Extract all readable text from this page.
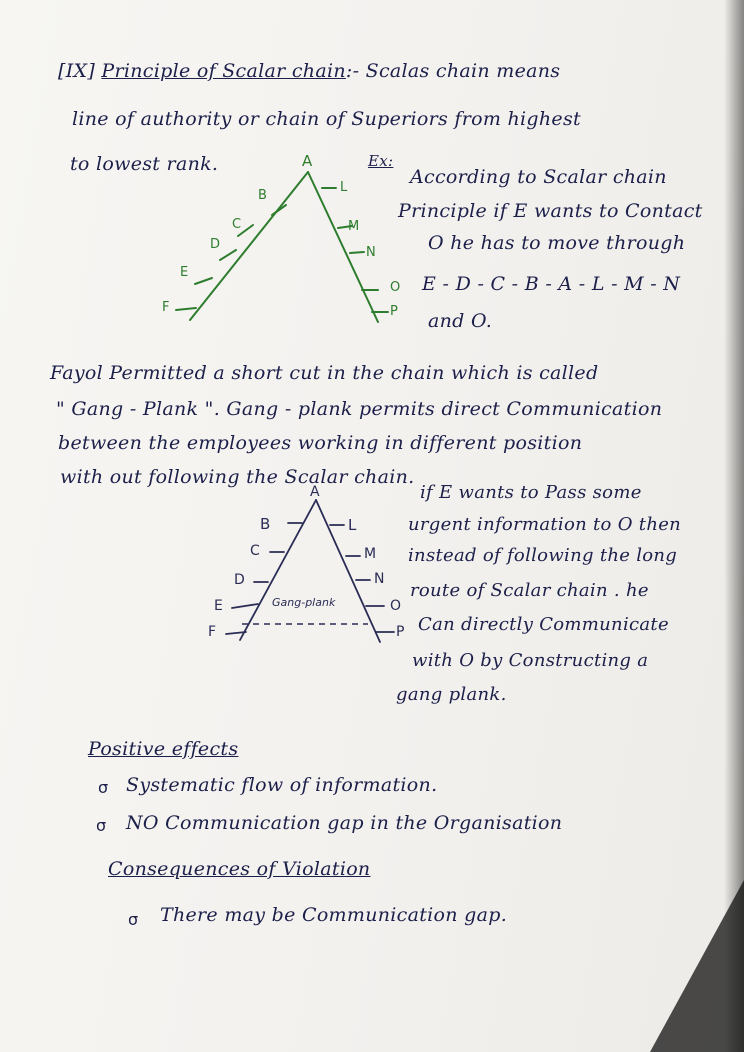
[IX] Principle of Scalar chain:- Scalas chain means
line of authority or chain of Superiors from highest
to lowest rank.	A
B
C
D
E
F
L
M
N
O
P
Ex:
According to Scalar chain
Principle if E wants to Contact
O he has to move through
E - D - C - B - A - L - M - N
and O.
Fayol Permitted a short cut in the chain which is called
" Gang - Plank ". Gang - plank permits direct Communication
between the employees working in different position
with out following the Scalar chain.
A
B
C
D
E
F
L
M
N
O
P
Gang-plank
if E wants to Pass some
urgent information to O then
instead of following the long
route of Scalar chain . he
Can directly Communicate
with O by Constructing a
gang plank.
Positive effects
σ Systematic flow of information.
σ NO Communication gap in the Organisation
Consequences of Violation
σ There may be Communication gap.
